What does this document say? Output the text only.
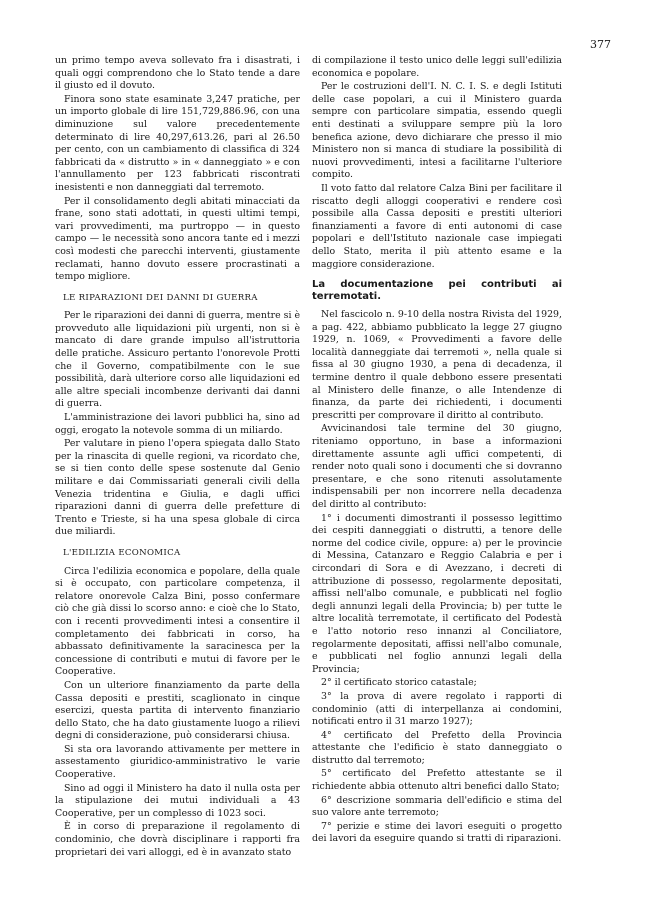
377

un primo tempo aveva sollevato fra i disastrati, i quali oggi comprendono che lo Stato tende a dare il giusto ed il dovuto.

Finora sono state esaminate 3,247 pratiche, per un importo globale di lire 151,729,886.96, con una diminuzione sul valore precedentemente determinato di lire 40,297,613.26, pari al 26.50 per cento, con un cambiamento di classifica di 324 fabbricati da « distrutto » in « danneggiato » e con l'annullamento per 123 fabbricati riscontrati inesistenti e non danneggiati dal terremoto.

Per il consolidamento degli abitati minacciati da frane, sono stati adottati, in questi ultimi tempi, vari provvedimenti, ma purtroppo — in questo campo — le necessità sono ancora tante ed i mezzi così modesti che parecchi interventi, giustamente reclamati, hanno dovuto essere procrastinati a tempo migliore.

LE RIPARAZIONI DEI DANNI DI GUERRA

Per le riparazioni dei danni di guerra, mentre si è provveduto alle liquidazioni più urgenti, non si è mancato di dare grande impulso all'istruttoria delle pratiche. Assicuro pertanto l'onorevole Protti che il Governo, compatibilmente con le sue possibilità, darà ulteriore corso alle liquidazioni ed alle altre speciali incombenze derivanti dai danni di guerra.

L'amministrazione dei lavori pubblici ha, sino ad oggi, erogato la notevole somma di un miliardo.

Per valutare in pieno l'opera spiegata dallo Stato per la rinascita di quelle regioni, va ricordato che, se si tien conto delle spese sostenute dal Genio militare e dai Commissariati generali civili della Venezia tridentina e Giulia, e dagli uffici riparazioni danni di guerra delle prefetture di Trento e Trieste, si ha una spesa globale di circa due miliardi.

L'EDILIZIA ECONOMICA

Circa l'edilizia economica e popolare, della quale si è occupato, con particolare competenza, il relatore onorevole Calza Bini, posso confermare ciò che già dissi lo scorso anno: e cioè che lo Stato, con i recenti provvedimenti intesi a consentire il completamento dei fabbricati in corso, ha abbassato definitivamente la saracinesca per la concessione di contributi e mutui di favore per le Cooperative.

Con un ulteriore finanziamento da parte della Cassa depositi e prestiti, scaglionato in cinque esercizi, questa partita di intervento finanziario dello Stato, che ha dato giustamente luogo a rilievi degni di considerazione, può considerarsi chiusa.

Si sta ora lavorando attivamente per mettere in assestamento giuridico-amministrativo le varie Cooperative.

Sino ad oggi il Ministero ha dato il nulla osta per la stipulazione dei mutui individuali a 43 Cooperative, per un complesso di 1023 soci.

È in corso di preparazione il regolamento di condominio, che dovrà disciplinare i rapporti fra proprietari dei vari alloggi, ed è in avanzato stato

di compilazione il testo unico delle leggi sull'edilizia economica e popolare.

Per le costruzioni dell'I. N. C. I. S. e degli Istituti delle case popolari, a cui il Ministero guarda sempre con particolare simpatia, essendo quegli enti destinati a sviluppare sempre più la loro benefica azione, devo dichiarare che presso il mio Ministero non si manca di studiare la possibilità di nuovi provvedimenti, intesi a facilitarne l'ulteriore compito.

Il voto fatto dal relatore Calza Bini per facilitare il riscatto degli alloggi cooperativi e rendere così possibile alla Cassa depositi e prestiti ulteriori finanziamenti a favore di enti autonomi di case popolari e dell'Istituto nazionale case impiegati dello Stato, merita il più attento esame e la maggiore considerazione.

La documentazione pei contributi ai terremotati.

Nel fascicolo n. 9-10 della nostra Rivista del 1929, a pag. 422, abbiamo pubblicato la legge 27 giugno 1929, n. 1069, « Provvedimenti a favore delle località danneggiate dai terremoti », nella quale si fissa al 30 giugno 1930, a pena di decadenza, il termine dentro il quale debbono essere presentati al Ministero delle finanze, o alle Intendenze di finanza, da parte dei richiedenti, i documenti prescritti per comprovare il diritto al contributo.

Avvicinandosi tale termine del 30 giugno, riteniamo opportuno, in base a informazioni direttamente assunte agli uffici competenti, di render noto quali sono i documenti che si dovranno presentare, e che sono ritenuti assolutamente indispensabili per non incorrere nella decadenza del diritto al contributo:

1° i documenti dimostranti il possesso legittimo dei cespiti danneggiati o distrutti, a tenore delle norme del codice civile, oppure: a) per le provincie di Messina, Catanzaro e Reggio Calabria e per i circondari di Sora e di Avezzano, i decreti di attribuzione di possesso, regolarmente depositati, affissi nell'albo comunale, e pubblicati nel foglio degli annunzi legali della Provincia; b) per tutte le altre località terremotate, il certificato del Podestà e l'atto notorio reso innanzi al Conciliatore, regolarmente depositati, affissi nell'albo comunale, e pubblicati nel foglio annunzi legali della Provincia;

2° il certificato storico catastale;

3° la prova di avere regolato i rapporti di condominio (atti di interpellanza ai condomini, notificati entro il 31 marzo 1927);

4° certificato del Prefetto della Provincia attestante che l'edificio è stato danneggiato o distrutto dal terremoto;

5° certificato del Prefetto attestante se il richiedente abbia ottenuto altri benefici dallo Stato;

6° descrizione sommaria dell'edificio e stima del suo valore ante terremoto;

7° perizie e stime dei lavori eseguiti o progetto dei lavori da eseguire quando si tratti di riparazioni.
